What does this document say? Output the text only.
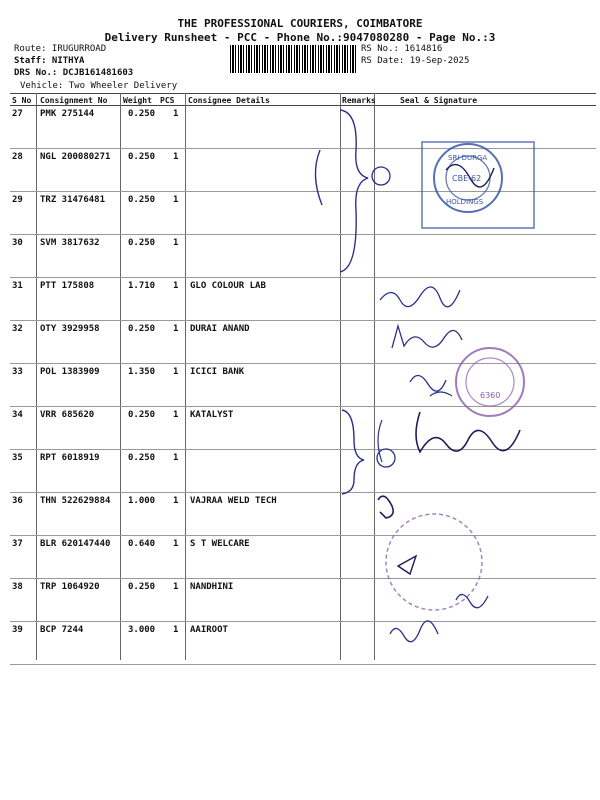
THE PROFESSIONAL COURIERS, COIMBATORE
Delivery Runsheet - PCC - Phone No.:9047080280 - Page No.:3
Route: IRUGURROAD
Staff: NITHYA
DRS No.: DCJB161481603
Vehicle: Two Wheeler Delivery
RS No.: 1614816
RS Date: 19-Sep-2025
S No Consignment No Weight PCS Consignee Details	Remarks	Seal & Signature
27 PMK 275144	0.250 1
28 NGL 200080271 0.250 1
29 TRZ 31476481	0.250 1
30 SVM 3817632	0.250 1
31 PTT 175808	1.710 1 GLO COLOUR LAB
32 OTY 3929958	0.250 1 DURAI ANAND
33 POL 1383909	1.350 1 ICICI BANK
34 VRR 685620	0.250 1 KATALYST
35 RPT 6018919	0.250 1
36 THN 522629884 1.000 1 VAJRAA WELD TECH
37 BLR 620147440 0.640 1 S T WELCARE
38 TRP 1064920	0.250 1 NANDHINI
39 BCP 7244	3.000 1 AAIROOT
Durgaa
do
do
do
do
93849-350
35
9994293704
6360
997158626
9994294929
753002373
7010057777
SRI DURGA
CBE-62
HOLDINGS
